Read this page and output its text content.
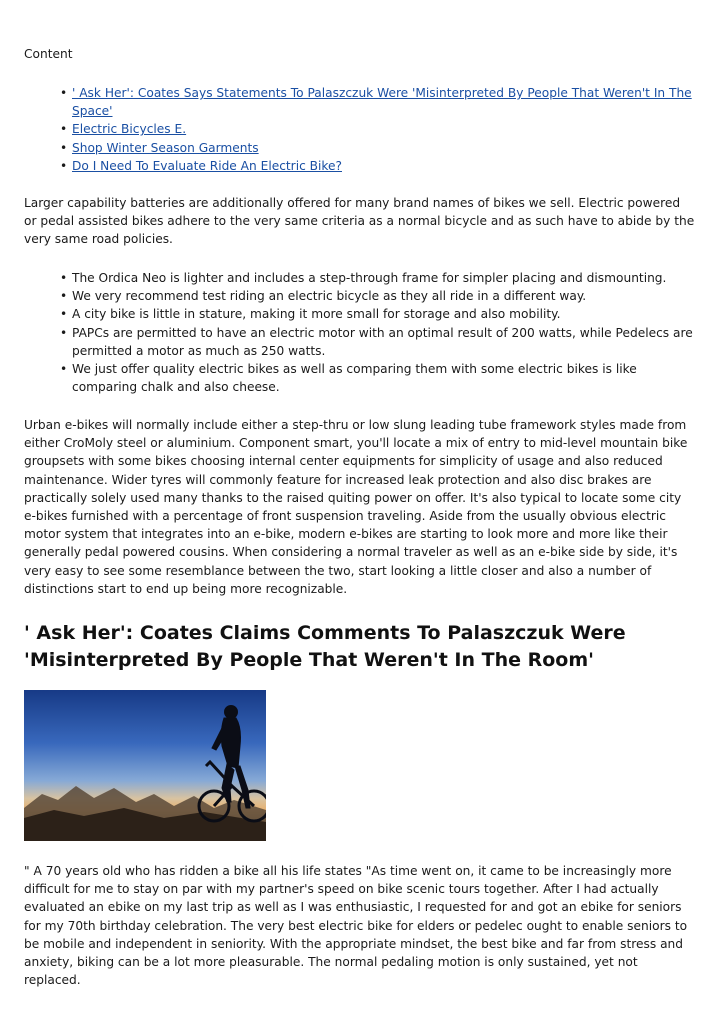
Content

• ' Ask Her': Coates Says Statements To Palaszczuk Were 'Misinterpreted By People That Weren't In The Space'
• Electric Bicycles E.
• Shop Winter Season Garments
• Do I Need To Evaluate Ride An Electric Bike?

Larger capability batteries are additionally offered for many brand names of bikes we sell. Electric powered or pedal assisted bikes adhere to the very same criteria as a normal bicycle and as such have to abide by the very same road policies.

• The Ordica Neo is lighter and includes a step-through frame for simpler placing and dismounting.
• We very recommend test riding an electric bicycle as they all ride in a different way.
• A city bike is little in stature, making it more small for storage and also mobility.
• PAPCs are permitted to have an electric motor with an optimal result of 200 watts, while Pedelecs are permitted a motor as much as 250 watts.
• We just offer quality electric bikes as well as comparing them with some electric bikes is like comparing chalk and also cheese.

Urban e-bikes will normally include either a step-thru or low slung leading tube framework styles made from either CroMoly steel or aluminium. Component smart, you'll locate a mix of entry to mid-level mountain bike groupsets with some bikes choosing internal center equipments for simplicity of usage and also reduced maintenance. Wider tyres will commonly feature for increased leak protection and also disc brakes are practically solely used many thanks to the raised quiting power on offer. It's also typical to locate some city e-bikes furnished with a percentage of front suspension traveling. Aside from the usually obvious electric motor system that integrates into an e-bike, modern e-bikes are starting to look more and more like their generally pedal powered cousins. When considering a normal traveler as well as an e-bike side by side, it's very easy to see some resemblance between the two, start looking a little closer and also a number of distinctions start to end up being more recognizable.

' Ask Her': Coates Claims Comments To Palaszczuk Were 'Misinterpreted By People That Weren't In The Room'

" A 70 years old who has ridden a bike all his life states "As time went on, it came to be increasingly more difficult for me to stay on par with my partner's speed on bike scenic tours together. After I had actually evaluated an ebike on my last trip as well as I was enthusiastic, I requested for and got an ebike for seniors for my 70th birthday celebration. The very best electric bike for elders or pedelec ought to enable seniors to be mobile and independent in seniority. With the appropriate mindset, the best bike and far from stress and anxiety, biking can be a lot more pleasurable. The normal pedaling motion is only sustained, yet not replaced.
